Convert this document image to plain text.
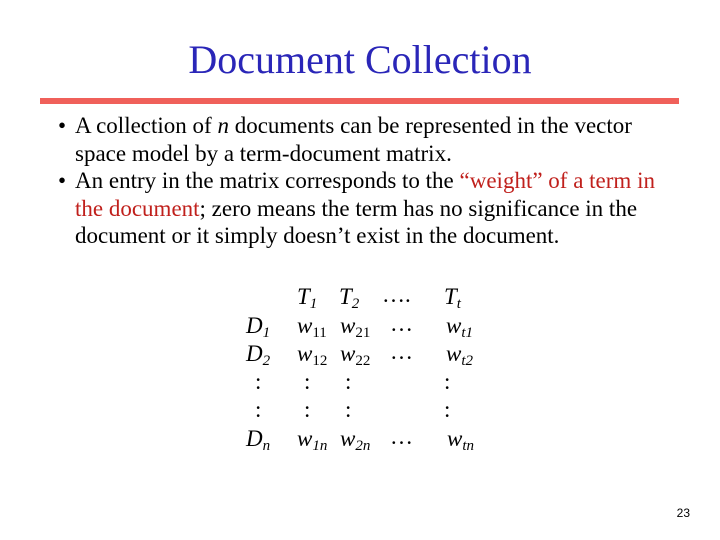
Document Collection
• A collection of n documents can be represented in the vector space model by a term-document matrix.
• An entry in the matrix corresponds to the “weight” of a term in the document; zero means the term has no significance in the document or it simply doesn’t exist in the document.
$T_1$ $T_2$ …. $T_t$
$D_1$ $w_{11}$ $w_{21}$ … $w_{t1}$
$D_2$ $w_{12}$ $w_{22}$ … $w_{t2}$
: : :	:
: : :	:
$D_n$ $w_{1n}$ $w_{2n}$ … $w_{tn}$
23
